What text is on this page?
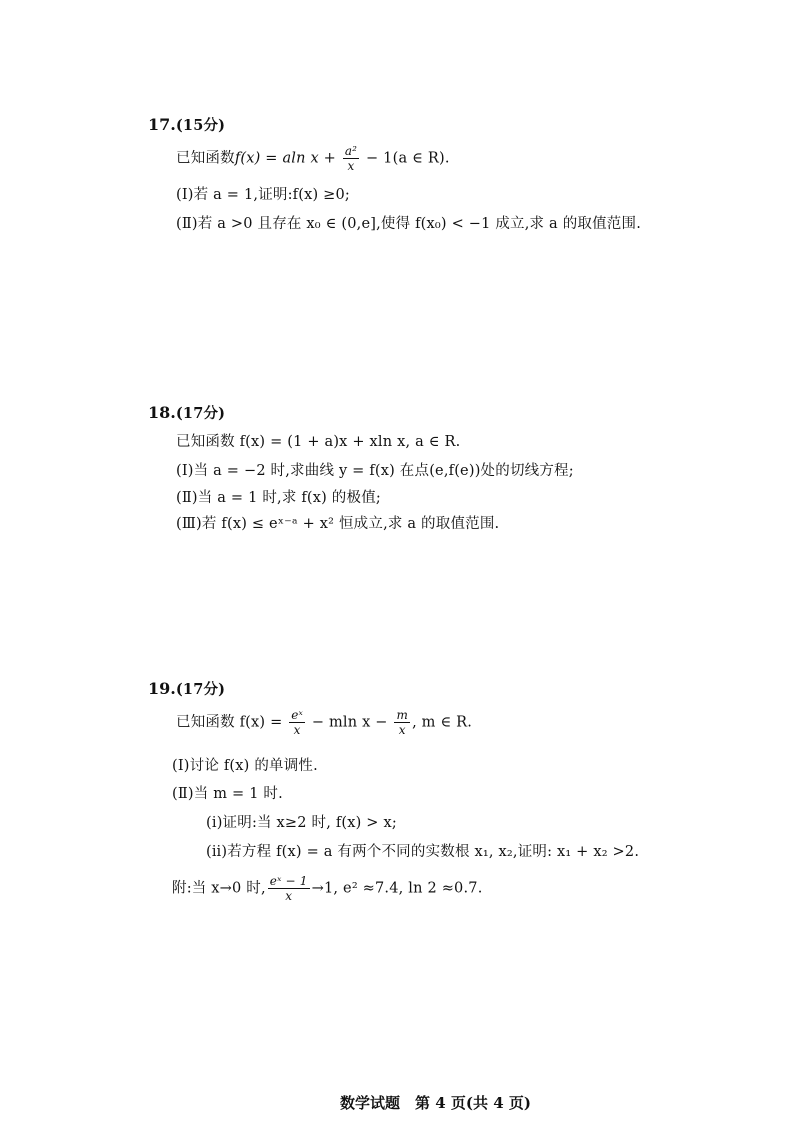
17.(15分)
已知函数f(x) = aln $x + \frac{\text{a²}}{x} - 1(a$ ∈ R).
(Ⅰ)若 a = 1,证明:f(x) ≥0;
(Ⅱ)若 a >0 且存在 x₀ ∈ (0,e],使得 f(x₀) < −1 成立,求 a 的取值范围.
18.(17分)
已知函数 f(x) = (1 + a)x + xln x, a ∈ R.
(Ⅰ)当 a = −2 时,求曲线 y = f(x) 在点(e,f(e))处的切线方程;
(Ⅱ)当 a = 1 时,求 f(x) 的极值;
(Ⅲ)若 f(x) ≤ eˣ⁻ᵃ + x² 恒成立,求 a 的取值范围.
19.(17分)
已知函数 $f(x) = \frac{\text{eˣ}}{x} - mln$ $x - \frac{m}{x}$ , m ∈ R.
(Ⅰ)讨论 f(x) 的单调性.
(Ⅱ)当 m = 1 时.
(ⅰ)证明:当 x≥2 时, f(x) > x;
(ⅱ)若方程 f(x) = a 有两个不同的实数根 x₁, x₂,证明: x₁ + x₂ >2.
附:当 x→0 时, $\frac{\text{eˣ − 1}}{x} \to 1$, e² ≈7.4, ln 2 ≈0.7.
数学试题　第 4 页(共 4 页)
